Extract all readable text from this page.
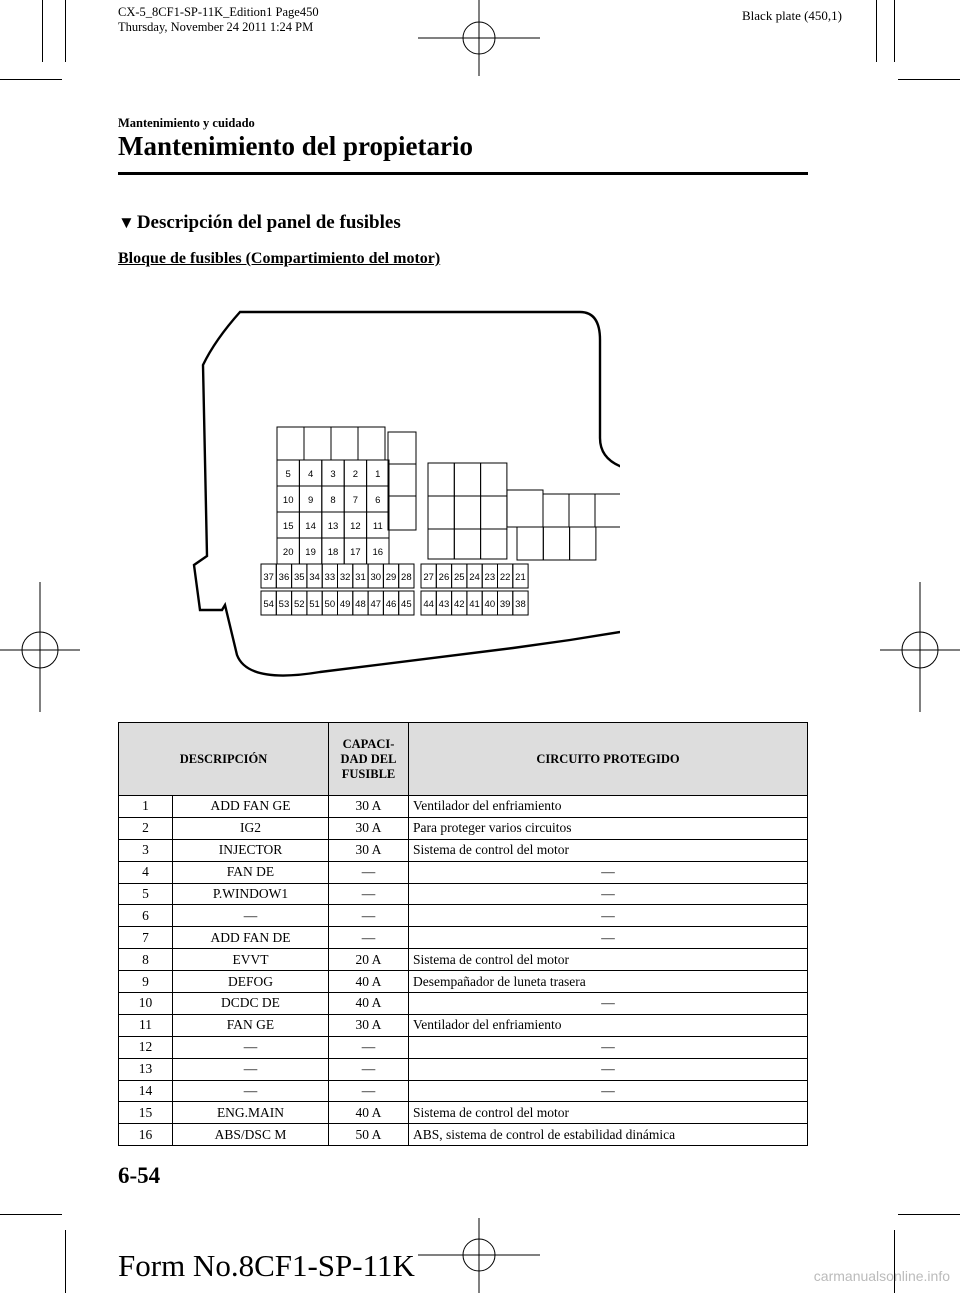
CX-5_8CF1-SP-11K_Edition1 Page450
Thursday, November 24 2011 1:24 PM
Black plate (450,1)
Mantenimiento y cuidado
Mantenimiento del propietario
▼ Descripción del panel de fusibles
Bloque de fusibles (Compartimiento del motor)
5 4 3 2 1
10 9 8 7 6
15 14 13 12 11
20 19 18 17 16
37 36 35 34 33 32 31 30 29 28
54 53 52 51 50 49 48 47 46 45
27 26 25 24 23 22 21
44 43 42 41 40 39 38
DESCRIPCIÓN		CAPACI-
DAD DEL
FUSIBLE	CIRCUITO PROTEGIDO
1	ADD FAN GE	30 A	Ventilador del enfriamiento
2	IG2	30 A	Para proteger varios circuitos
3	INJECTOR	30 A	Sistema de control del motor
4	FAN DE	—	—
5	P.WINDOW1	—	—
6	—	—	—
7	ADD FAN DE	—	—
8	EVVT	20 A	Sistema de control del motor
9	DEFOG	40 A	Desempañador de luneta trasera
10	DCDC DE	40 A	—
11	FAN GE	30 A	Ventilador del enfriamiento
12	—	—	—
13	—	—	—
14	—	—	—
15	ENG.MAIN	40 A	Sistema de control del motor
16	ABS/DSC M	50 A	ABS, sistema de control de estabilidad dinámica
6-54
Form No.8CF1-SP-11K	carmanualsonline.info
